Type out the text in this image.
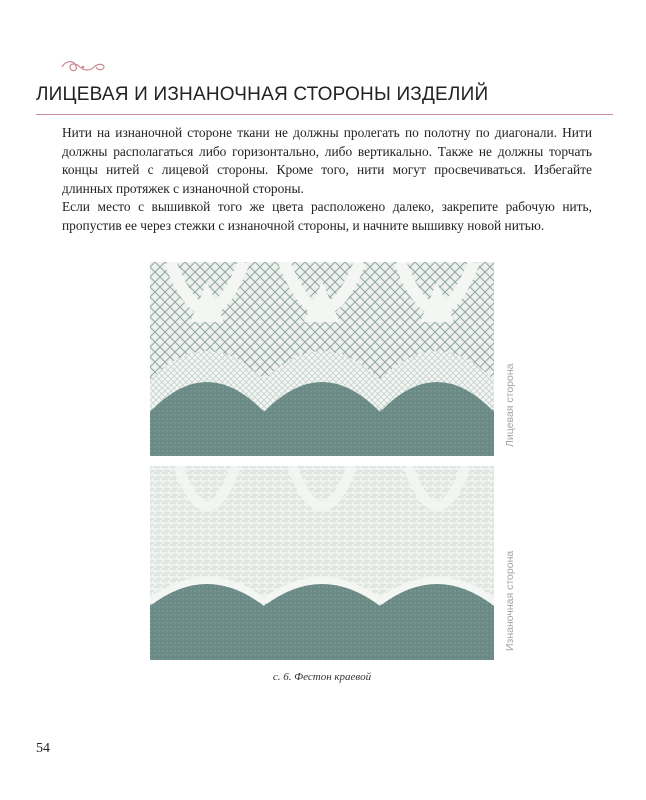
ЛИЦЕВАЯ И ИЗНАНОЧНАЯ СТОРОНЫ ИЗДЕЛИЙ

Нити на изнаночной стороне ткани не должны пролегать по полотну по диагонали. Нити должны располагаться либо горизонтально, либо вертикально. Также не должны торчать концы нитей с лицевой стороны. Кроме того, нити могут просвечиваться. Избегайте длинных протяжек с изнаночной стороны.

Если место с вышивкой того же цвета расположено далеко, закрепите рабочую нить, пропустив ее через стежки с изнаночной стороны, и начните вышивку новой нитью.

Лицевая сторона
Изнаночная сторона
с. 6. Фестон краевой
54
